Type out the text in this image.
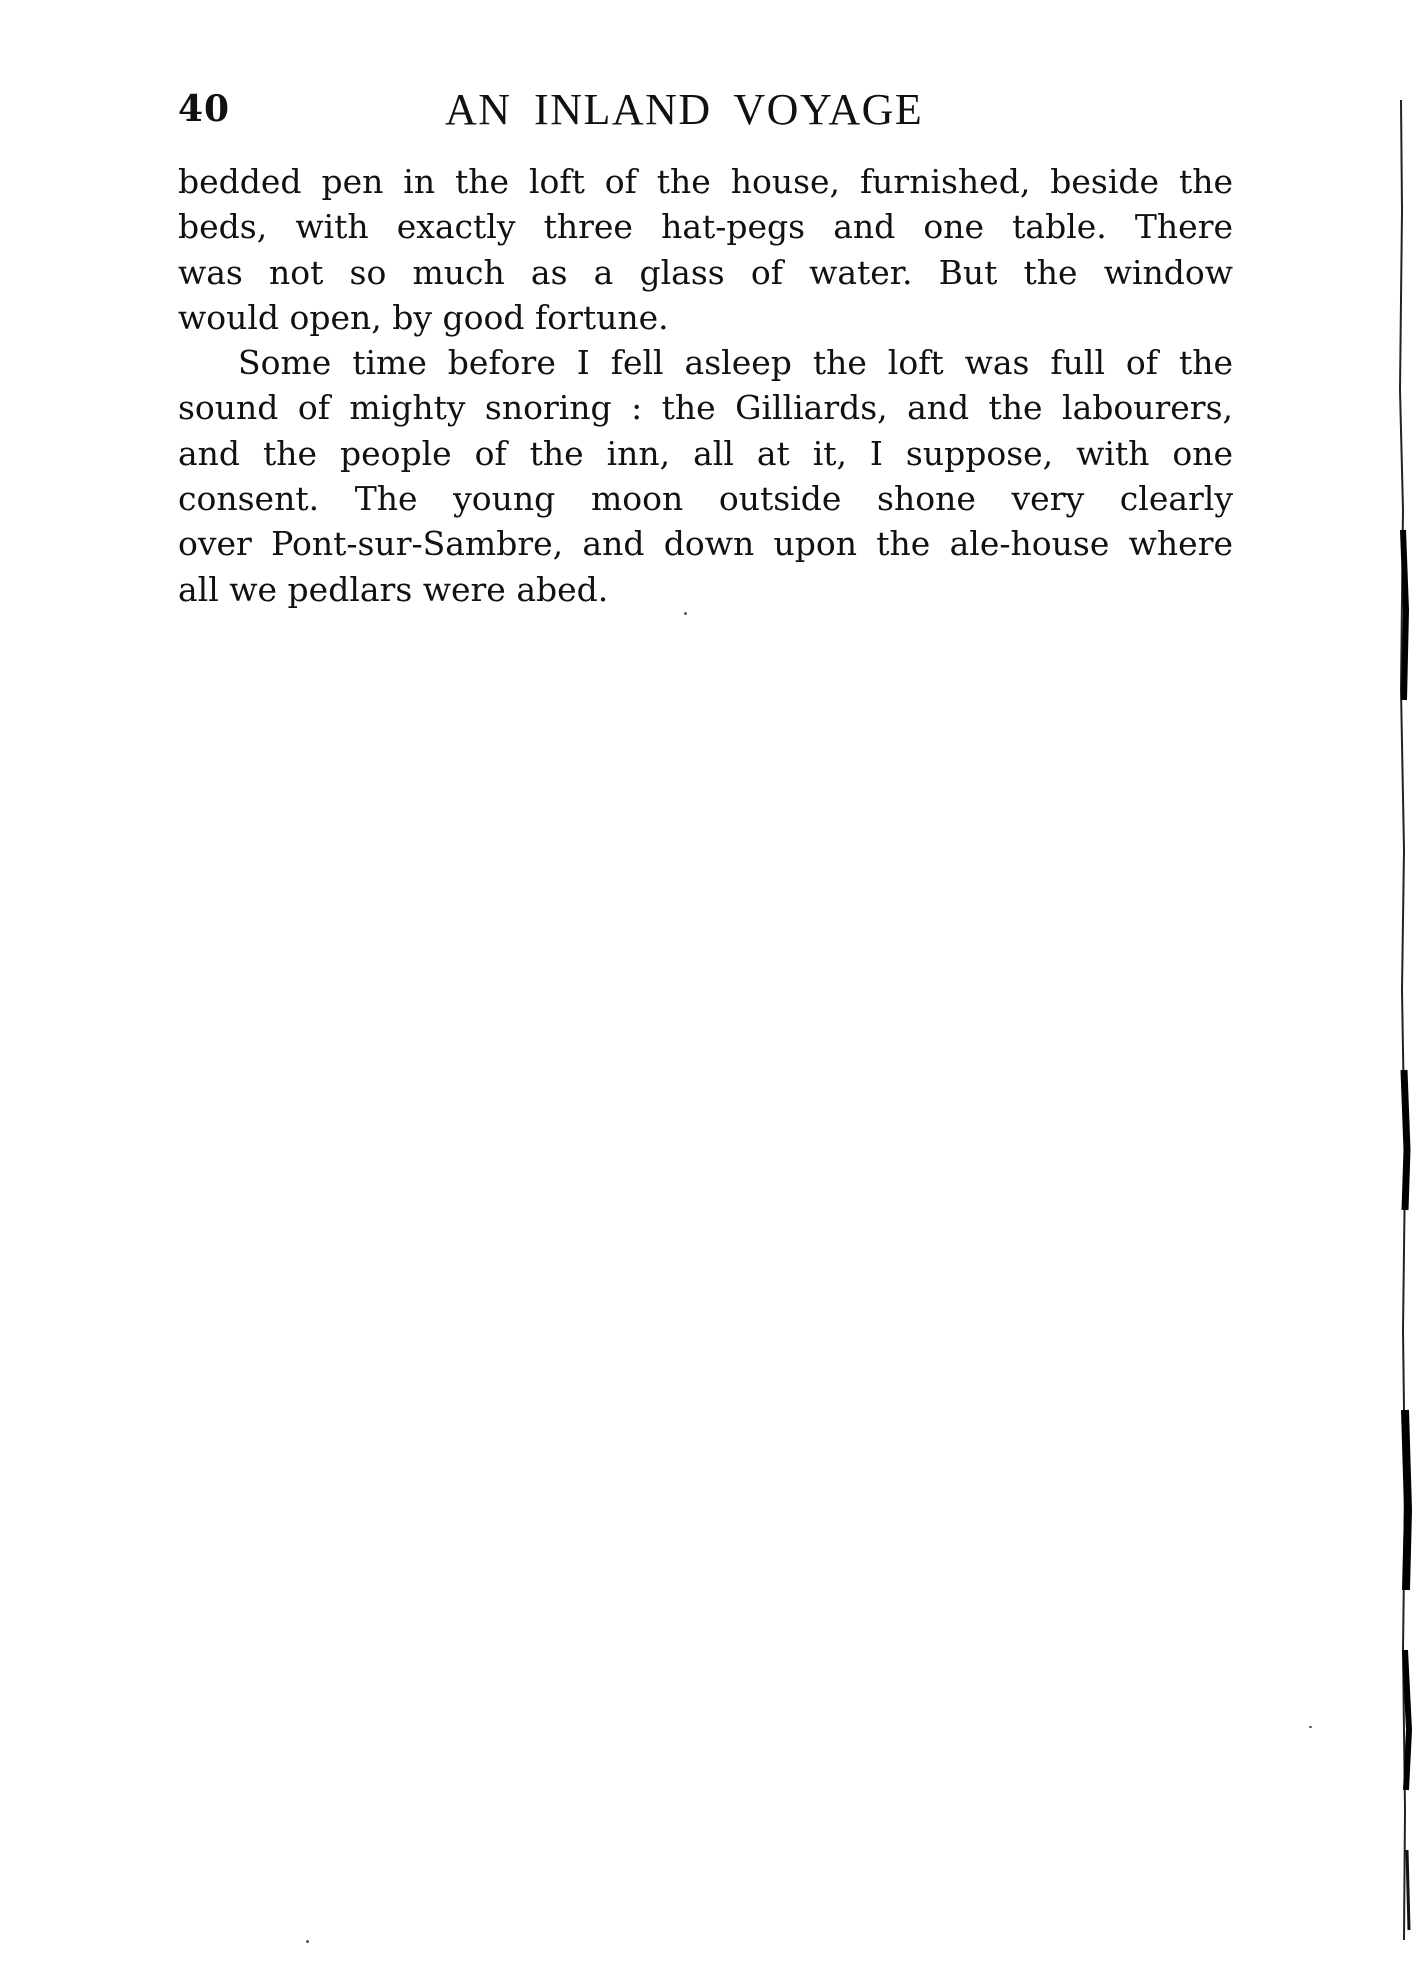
40	AN INLAND VOYAGE
bedded pen in the loft of the house, furnished, beside the
beds, with exactly three hat-pegs and one table. There
was not so much as a glass of water. But the window
would open, by good fortune.
Some time before I fell asleep the loft was full of the
sound of mighty snoring : the Gilliards, and the labourers,
and the people of the inn, all at it, I suppose, with one
consent. The young moon outside shone very clearly
over Pont-sur-Sambre, and down upon the ale-house where
all we pedlars were abed.
